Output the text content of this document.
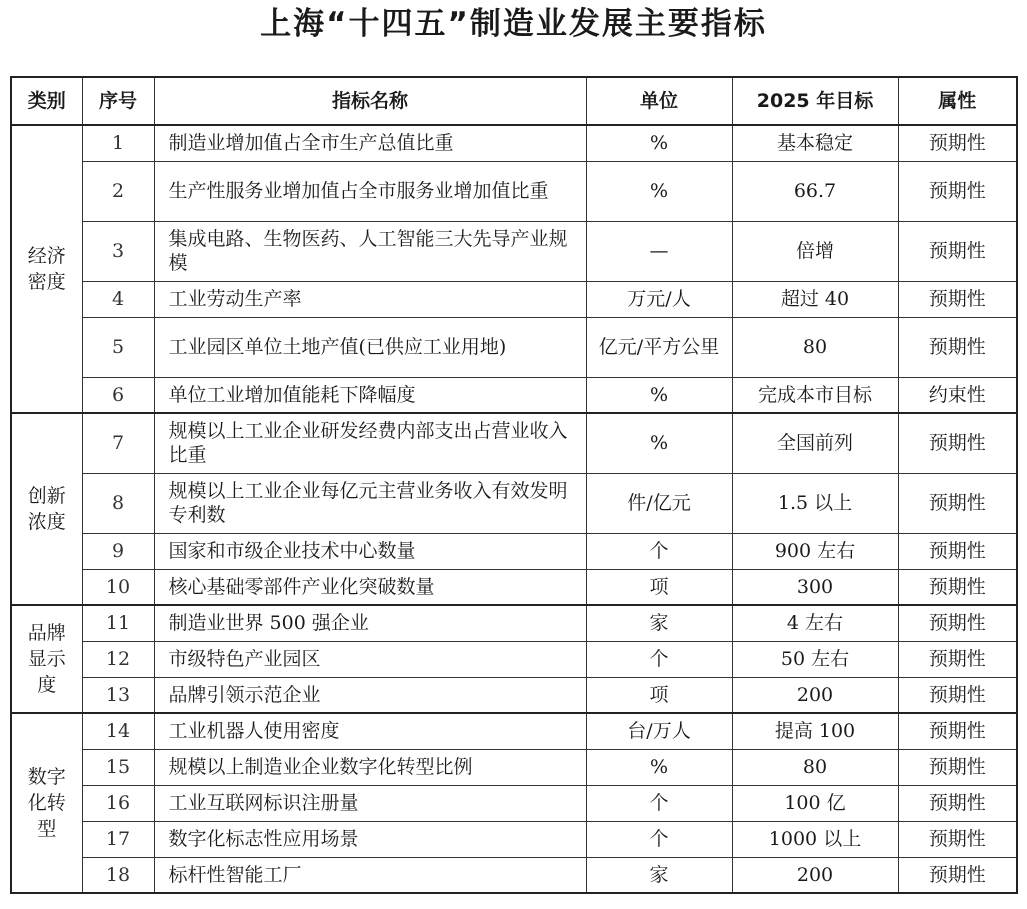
上海“十四五”制造业发展主要指标
类别	序号	指标名称	单位	2025 年目标	属性
经济密度	1	制造业增加值占全市生产总值比重	%	基本稳定	预期性
	2	生产性服务业增加值占全市服务业增加值比重	%	66.7	预期性
	3	集成电路、生物医药、人工智能三大先导产业规模	—	倍增	预期性
	4	工业劳动生产率	万元/人	超过 40	预期性
	5	工业园区单位土地产值(已供应工业用地)	亿元/平方公里	80	预期性
	6	单位工业增加值能耗下降幅度	%	完成本市目标	约束性
创新浓度	7	规模以上工业企业研发经费内部支出占营业收入比重	%	全国前列	预期性
	8	规模以上工业企业每亿元主营业务收入有效发明专利数	件/亿元	1.5 以上	预期性
	9	国家和市级企业技术中心数量	个	900 左右	预期性
	10	核心基础零部件产业化突破数量	项	300	预期性
品牌显示度	11	制造业世界 500 强企业	家	4 左右	预期性
	12	市级特色产业园区	个	50 左右	预期性
	13	品牌引领示范企业	项	200	预期性
数字化转型	14	工业机器人使用密度	台/万人	提高 100	预期性
	15	规模以上制造业企业数字化转型比例	%	80	预期性
	16	工业互联网标识注册量	个	100 亿	预期性
	17	数字化标志性应用场景	个	1000 以上	预期性
	18	标杆性智能工厂	家	200	预期性
